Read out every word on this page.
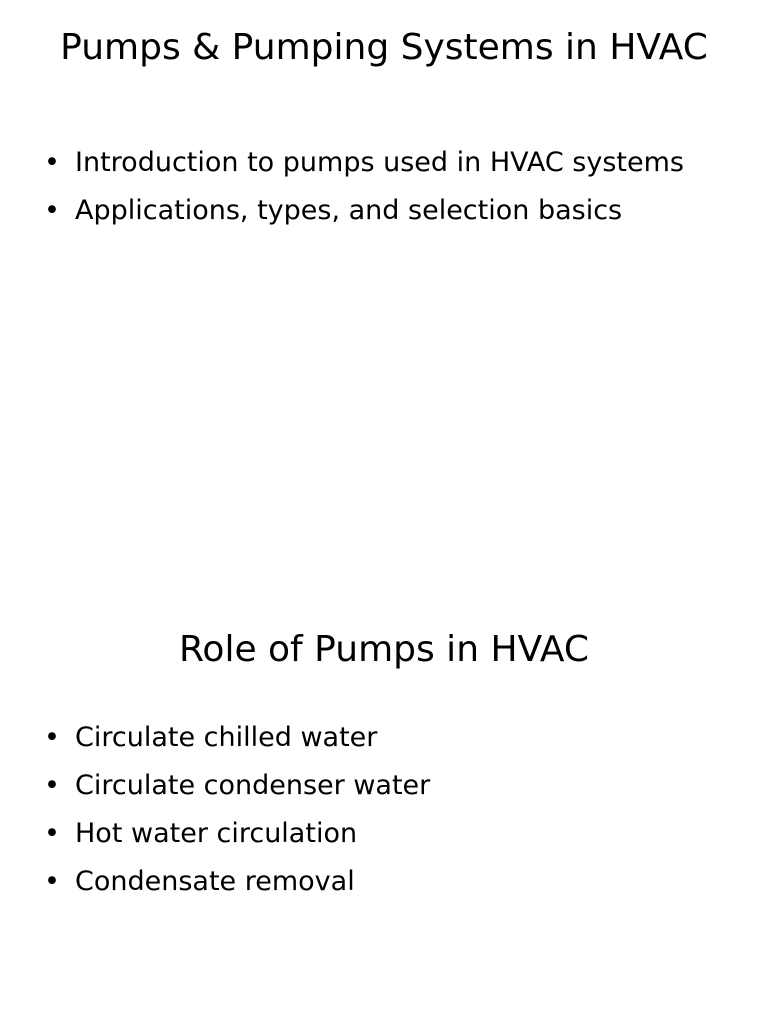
Pumps & Pumping Systems in HVAC
• Introduction to pumps used in HVAC systems
• Applications, types, and selection basics
Role of Pumps in HVAC
• Circulate chilled water
• Circulate condenser water
• Hot water circulation
• Condensate removal
